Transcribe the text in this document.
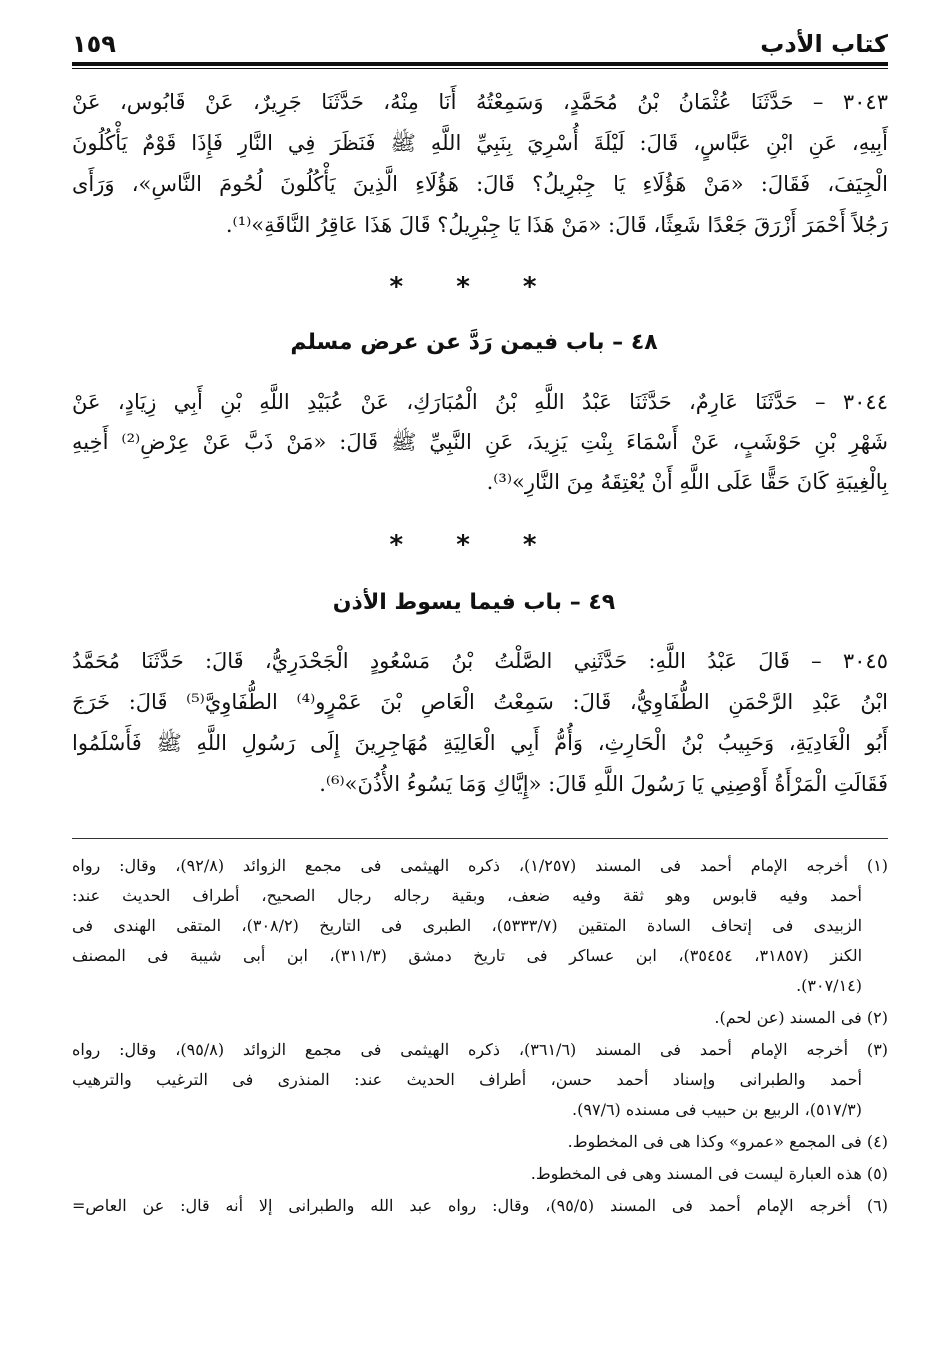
كتاب الأدب
١٥٩
٣٠٤٣ – حَدَّثَنَا عُثْمَانُ بْنُ مُحَمَّدٍ، وَسَمِعْتُهُ أَنَا مِنْهُ، حَدَّثَنَا جَرِيرٌ، عَنْ قَابُوس، عَنْ
أَبِيهِ، عَنِ ابْنِ عَبَّاسٍ، قَالَ: لَيْلَةَ أُسْرِيَ بِنَبِيِّ اللَّهِ ﷺ فَنَظَرَ فِي النَّارِ فَإِذَا قَوْمٌ يَأْكُلُونَ
الْجِيَفَ، فَقَالَ: «مَنْ هَؤُلَاءِ يَا جِبْرِيلُ؟ قَالَ: هَؤُلَاءِ الَّذِينَ يَأْكُلُونَ لُحُومَ النَّاسِ»، وَرَأَى
رَجُلاً أَحْمَرَ أَزْرَقَ جَعْدًا شَعِثًا، قَالَ: «مَنْ هَذَا يَا جِبْرِيلُ؟ قَالَ هَذَا عَاقِرُ النَّاقَةِ»⁽¹⁾.
* * *
٤٨ – باب فيمن رَدَّ عن عرض مسلم
٣٠٤٤ – حَدَّثَنَا عَارِمٌ، حَدَّثَنَا عَبْدُ اللَّهِ بْنُ الْمُبَارَكِ، عَنْ عُبَيْدِ اللَّهِ بْنِ أَبِي زِيَادٍ، عَنْ
شَهْرِ بْنِ حَوْشَبٍ، عَنْ أَسْمَاءَ بِنْتِ يَزِيدَ، عَنِ النَّبِيِّ ﷺ قَالَ: «مَنْ ذَبَّ عَنْ عِرْضِ⁽²⁾ أَخِيهِ
بِالْغِيبَةِ كَانَ حَقًّا عَلَى اللَّهِ أَنْ يُعْتِقَهُ مِنَ النَّارِ»⁽³⁾.
* * *
٤٩ – باب فيما يسوط الأذن
٣٠٤٥ – قَالَ عَبْدُ اللَّهِ: حَدَّثَنِي الصَّلْتُ بْنُ مَسْعُودٍ الْجَحْدَرِيُّ، قَالَ: حَدَّثَنَا مُحَمَّدُ
ابْنُ عَبْدِ الرَّحْمَنِ الطُّفَاوِيُّ، قَالَ: سَمِعْتُ الْعَاصِ بْنَ عَمْرٍو⁽⁴⁾ الطُّفَاوِيَّ⁽⁵⁾ قَالَ: خَرَجَ
أَبُو الْغَادِيَةِ، وَحَبِيبُ بْنُ الْحَارِثِ، وَأُمُّ أَبِي الْعَالِيَةِ مُهَاجِرِينَ إِلَى رَسُولِ اللَّهِ ﷺ فَأَسْلَمُوا
فَقَالَتِ الْمَرْأَةُ أَوْصِنِي يَا رَسُولَ اللَّهِ قَالَ: «إِيَّاكِ وَمَا يَسُوءُ الأُذُنَ»⁽⁶⁾.
(١) أخرجه الإمام أحمد فى المسند (١/٢٥٧)، ذكره الهيثمى فى مجمع الزوائد (٩٢/٨)، وقال: رواه
أحمد وفيه قابوس وهو ثقة وفيه ضعف، وبقية رجاله رجال الصحيح، أطراف الحديث عند:
الزبيدى فى إتحاف السادة المتقين (٥٣٣٣/٧)، الطبرى فى التاريخ (٣٠٨/٢)، المتقى الهندى فى
الكنز (٣١٨٥٧، ٣٥٤٥٤)، ابن عساكر فى تاريخ دمشق (٣١١/٣)، ابن أبى شيبة فى المصنف
(٣٠٧/١٤).
(٢) فى المسند (عن لحم).
(٣) أخرجه الإمام أحمد فى المسند (٣٦١/٦)، ذكره الهيثمى فى مجمع الزوائد (٩٥/٨)، وقال: رواه
أحمد والطبرانى وإسناد أحمد حسن، أطراف الحديث عند: المنذرى فى الترغيب والترهيب
(٥١٧/٣)، الربيع بن حبيب فى مسنده (٩٧/٦).
(٤) فى المجمع «عمرو» وكذا هى فى المخطوط.
(٥) هذه العبارة ليست فى المسند وهى فى المخطوط.
(٦) أخرجه الإمام أحمد فى المسند (٩٥/٥)، وقال: رواه عبد الله والطبرانى إلا أنه قال: عن العاص=
